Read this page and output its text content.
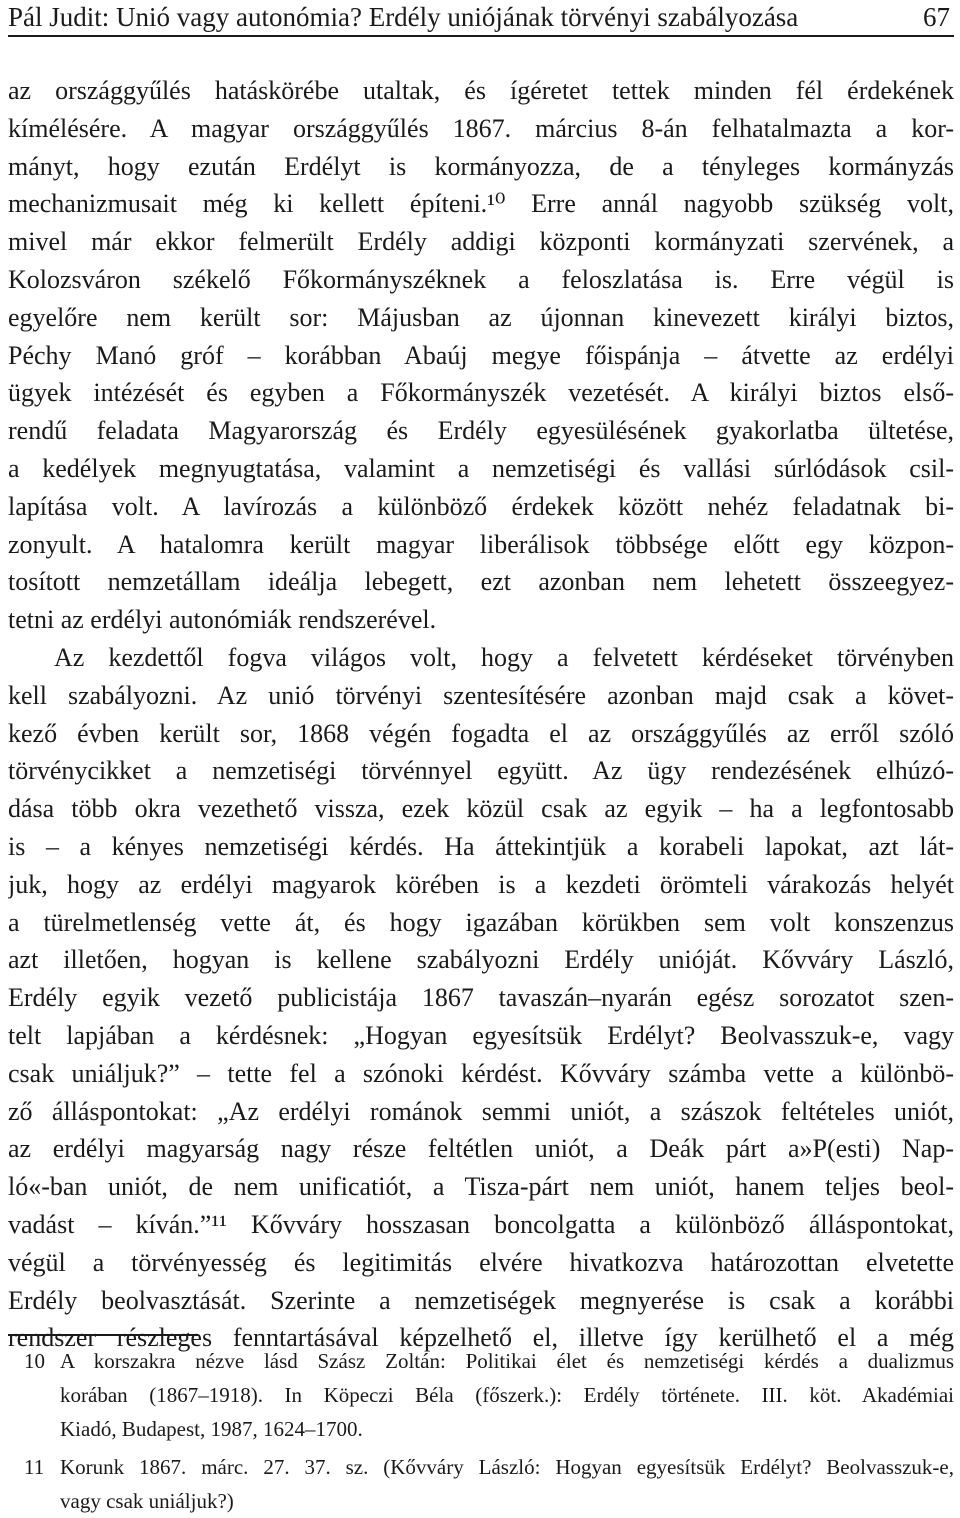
Pál Judit: Unió vagy autonómia? Erdély uniójának törvényi szabályozása	67
az országgyűlés hatáskörébe utaltak, és ígéretet tettek minden fél érdekének
kímélésére. A magyar országgyűlés 1867. március 8-án felhatalmazta a kor-
mányt, hogy ezután Erdélyt is kormányozza, de a tényleges kormányzás
mechanizmusait még ki kellett építeni.¹⁰ Erre annál nagyobb szükség volt,
mivel már ekkor felmerült Erdély addigi központi kormányzati szervének, a
Kolozsváron székelő Főkormányszéknek a feloszlatása is. Erre végül is
egyelőre nem került sor: Májusban az újonnan kinevezett királyi biztos,
Péchy Manó gróf – korábban Abaúj megye főispánja – átvette az erdélyi
ügyek intézését és egyben a Főkormányszék vezetését. A királyi biztos első-
rendű feladata Magyarország és Erdély egyesülésének gyakorlatba ültetése,
a kedélyek megnyugtatása, valamint a nemzetiségi és vallási súrlódások csil-
lapítása volt. A lavírozás a különböző érdekek között nehéz feladatnak bi-
zonyult. A hatalomra került magyar liberálisok többsége előtt egy közpon-
tosított nemzetállam ideálja lebegett, ezt azonban nem lehetett összeegyez-
tetni az erdélyi autonómiák rendszerével.
Az kezdettől fogva világos volt, hogy a felvetett kérdéseket törvényben
kell szabályozni. Az unió törvényi szentesítésére azonban majd csak a követ-
kező évben került sor, 1868 végén fogadta el az országgyűlés az erről szóló
törvénycikket a nemzetiségi törvénnyel együtt. Az ügy rendezésének elhúzó-
dása több okra vezethető vissza, ezek közül csak az egyik – ha a legfontosabb
is – a kényes nemzetiségi kérdés. Ha áttekintjük a korabeli lapokat, azt lát-
juk, hogy az erdélyi magyarok körében is a kezdeti örömteli várakozás helyét
a türelmetlenség vette át, és hogy igazában körükben sem volt konszenzus
azt illetően, hogyan is kellene szabályozni Erdély unióját. Kővváry László,
Erdély egyik vezető publicistája 1867 tavaszán–nyarán egész sorozatot szen-
telt lapjában a kérdésnek: „Hogyan egyesítsük Erdélyt? Beolvasszuk-e, vagy
csak uniáljuk?” – tette fel a szónoki kérdést. Kővváry számba vette a különbö-
ző álláspontokat: „Az erdélyi románok semmi uniót, a szászok feltételes uniót,
az erdélyi magyarság nagy része feltétlen uniót, a Deák párt a»P(esti) Nap-
ló«-ban uniót, de nem unificatiót, a Tisza-párt nem uniót, hanem teljes beol-
vadást – kíván.”¹¹ Kővváry hosszasan boncolgatta a különböző álláspontokat,
végül a törvényesség és legitimitás elvére hivatkozva határozottan elvetette
Erdély beolvasztását. Szerinte a nemzetiségek megnyerése is csak a korábbi
rendszer részleges fenntartásával képzelhető el, illetve így kerülhető el a még
10 A korszakra nézve lásd Szász Zoltán: Politikai élet és nemzetiségi kérdés a dualizmus
korában (1867–1918). In Köpeczi Béla (főszerk.): Erdély története. III. köt. Akadémiai
Kiadó, Budapest, 1987, 1624–1700.
11 Korunk 1867. márc. 27. 37. sz. (Kővváry László: Hogyan egyesítsük Erdélyt? Beolvasszuk-e,
vagy csak uniáljuk?)
